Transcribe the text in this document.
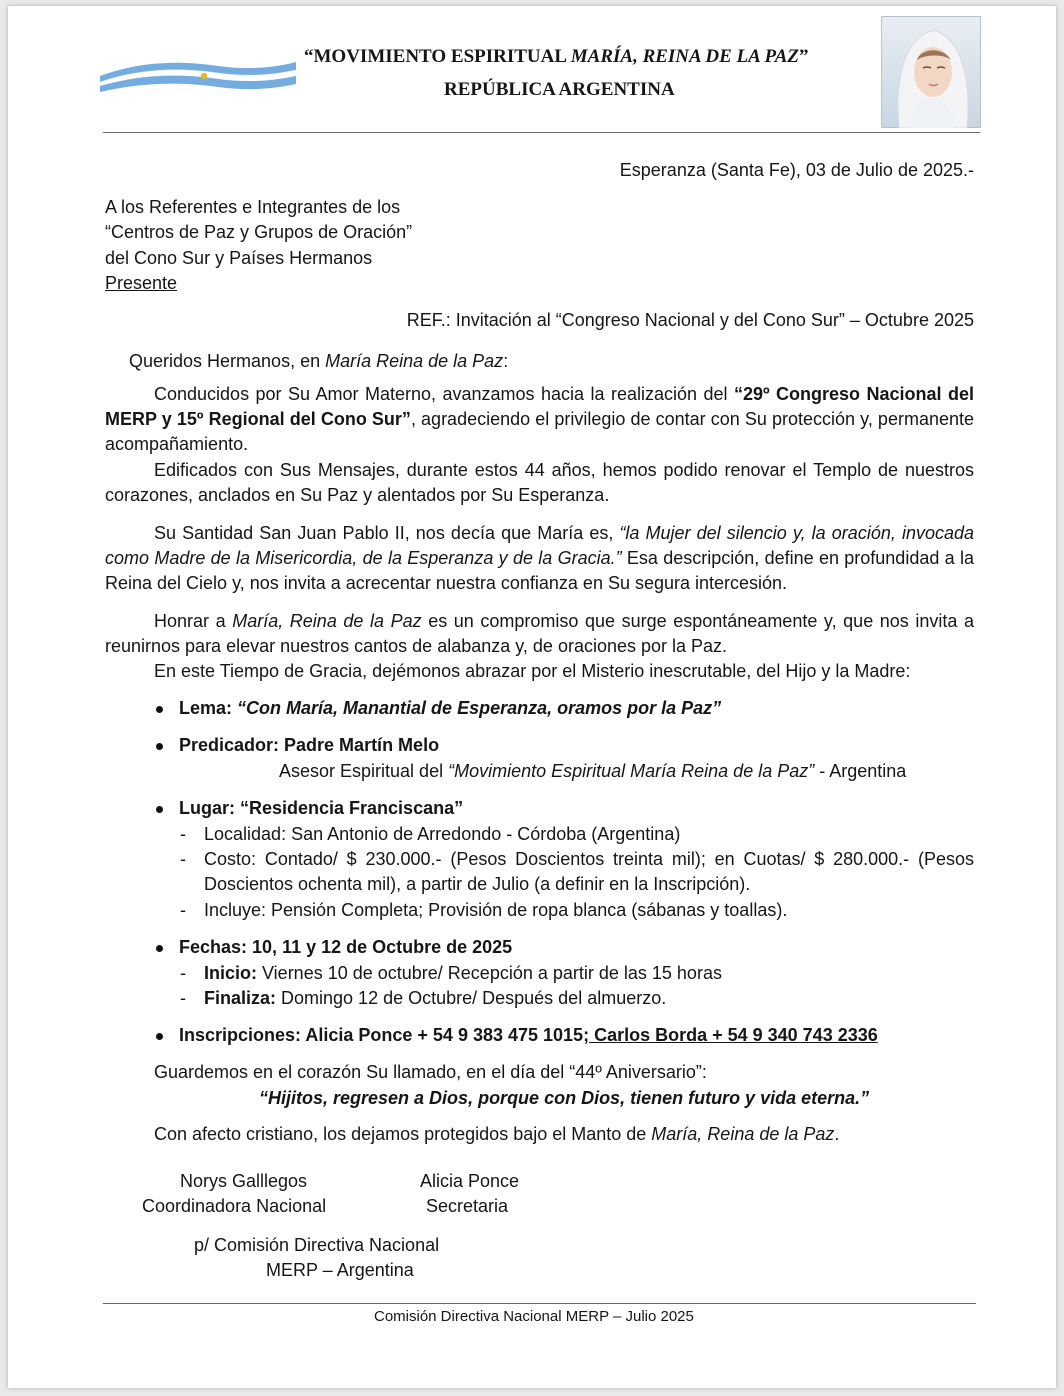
“MOVIMIENTO ESPIRITUAL MARÍA, REINA DE LA PAZ”
REPÚBLICA ARGENTINA
Esperanza (Santa Fe), 03 de Julio de 2025.-
A los Referentes e Integrantes de los
“Centros de Paz y Grupos de Oración”
del Cono Sur y Países Hermanos
Presente
REF.: Invitación al “Congreso Nacional y del Cono Sur” – Octubre 2025
Queridos Hermanos, en María Reina de la Paz:
Conducidos por Su Amor Materno, avanzamos hacia la realización del “29º Congreso Nacional del MERP y 15º Regional del Cono Sur”, agradeciendo el privilegio de contar con Su protección y, permanente acompañamiento.
Edificados con Sus Mensajes, durante estos 44 años, hemos podido renovar el Templo de nuestros corazones, anclados en Su Paz y alentados por Su Esperanza.
Su Santidad San Juan Pablo II, nos decía que María es, “la Mujer del silencio y, la oración, invocada como Madre de la Misericordia, de la Esperanza y de la Gracia.” Esa descripción, define en profundidad a la Reina del Cielo y, nos invita a acrecentar nuestra confianza en Su segura intercesión.
Honrar a María, Reina de la Paz es un compromiso que surge espontáneamente y, que nos invita a reunirnos para elevar nuestros cantos de alabanza y, de oraciones por la Paz.
En este Tiempo de Gracia, dejémonos abrazar por el Misterio inescrutable, del Hijo y la Madre:
Lema: “Con María, Manantial de Esperanza, oramos por la Paz”
Predicador: Padre Martín Melo
Asesor Espiritual del “Movimiento Espiritual María Reina de la Paz” - Argentina
Lugar: “Residencia Franciscana”
- Localidad: San Antonio de Arredondo - Córdoba (Argentina)
- Costo: Contado/ $ 230.000.- (Pesos Doscientos treinta mil); en Cuotas/ $ 280.000.- (Pesos Doscientos ochenta mil), a partir de Julio (a definir en la Inscripción).
- Incluye: Pensión Completa; Provisión de ropa blanca (sábanas y toallas).
Fechas: 10, 11 y 12 de Octubre de 2025
- Inicio: Viernes 10 de octubre/ Recepción a partir de las 15 horas
- Finaliza: Domingo 12 de Octubre/ Después del almuerzo.
Inscripciones: Alicia Ponce + 54 9 383 475 1015; Carlos Borda + 54 9 340 743 2336
Guardemos en el corazón Su llamado, en el día del “44º Aniversario”:
“Hijitos, regresen a Dios, porque con Dios, tienen futuro y vida eterna.”
Con afecto cristiano, los dejamos protegidos bajo el Manto de María, Reina de la Paz.
Norys Galllegos
Coordinadora Nacional
Alicia Ponce
Secretaria
p/ Comisión Directiva Nacional
MERP – Argentina
Comisión Directiva Nacional MERP – Julio 2025
